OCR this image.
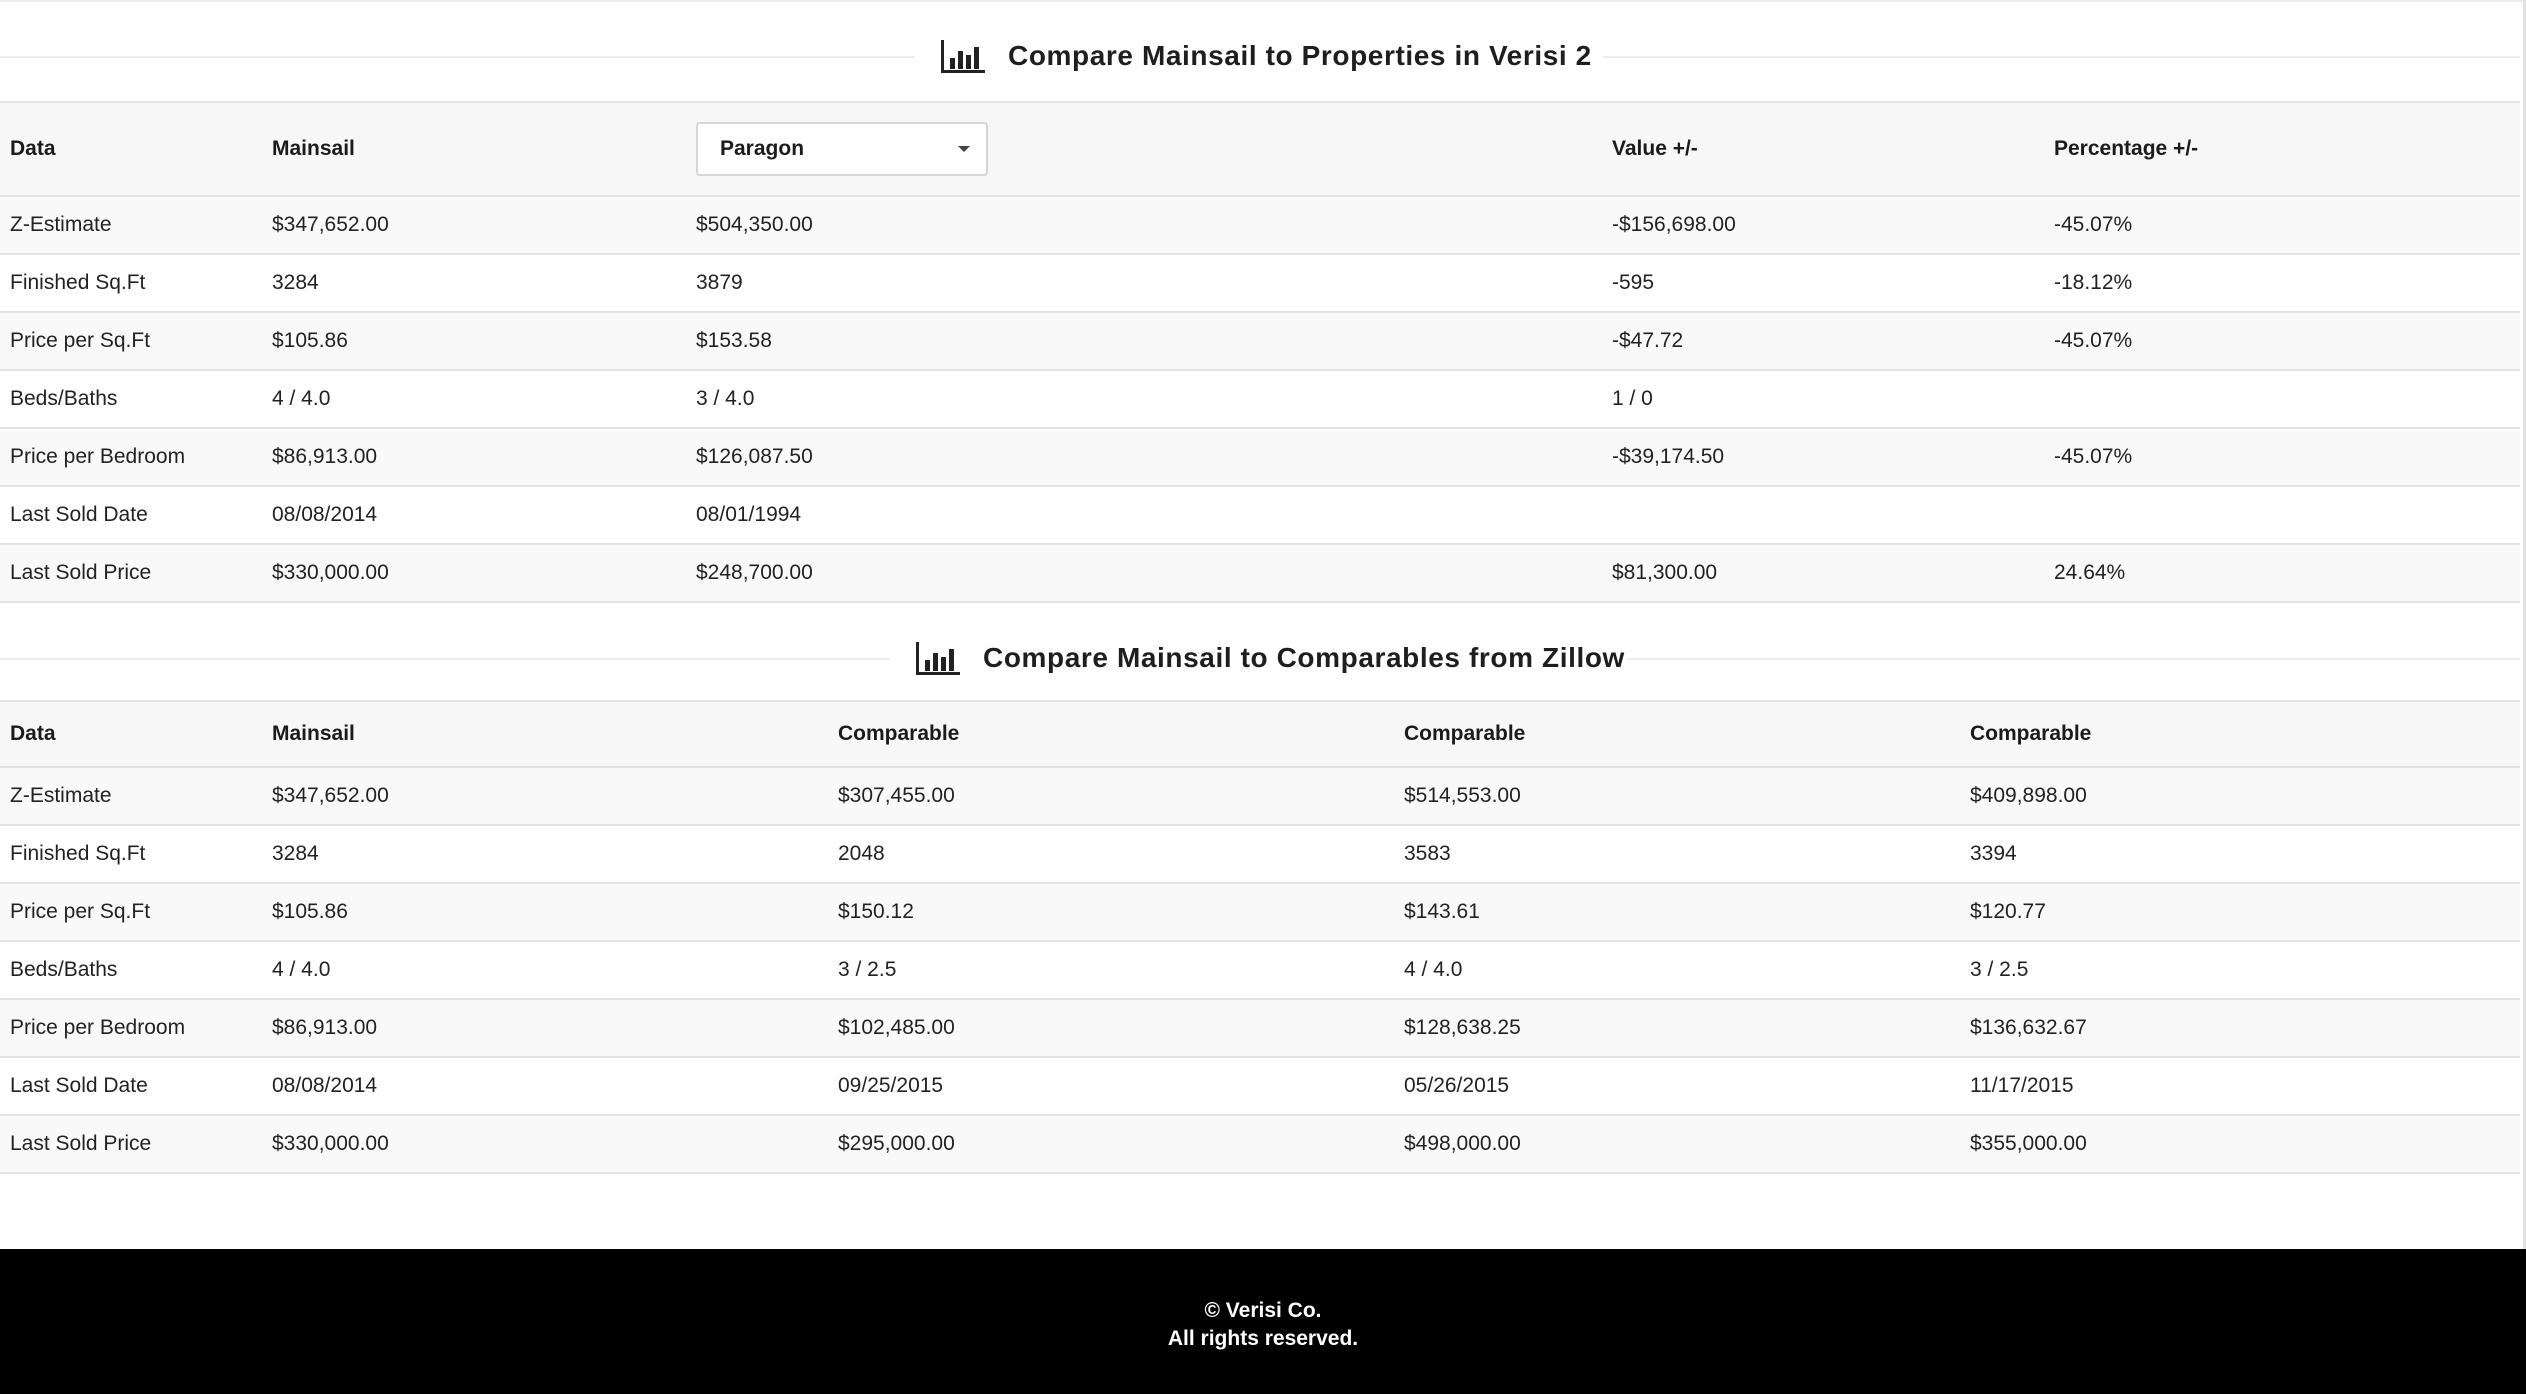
Compare Mainsail to Properties in Verisi 2
Data	Mainsail	Paragon	Value +/-	Percentage +/-
Z-Estimate	$347,652.00	$504,350.00	-$156,698.00	-45.07%
Finished Sq.Ft	3284	3879	-595	-18.12%
Price per Sq.Ft	$105.86	$153.58	-$47.72	-45.07%
Beds/Baths	4 / 4.0	3 / 4.0	1 / 0	
Price per Bedroom	$86,913.00	$126,087.50	-$39,174.50	-45.07%
Last Sold Date	08/08/2014	08/01/1994		
Last Sold Price	$330,000.00	$248,700.00	$81,300.00	24.64%
Compare Mainsail to Comparables from Zillow
Data	Mainsail	Comparable	Comparable	Comparable
Z-Estimate	$347,652.00	$307,455.00	$514,553.00	$409,898.00
Finished Sq.Ft	3284	2048	3583	3394
Price per Sq.Ft	$105.86	$150.12	$143.61	$120.77
Beds/Baths	4 / 4.0	3 / 2.5	4 / 4.0	3 / 2.5
Price per Bedroom	$86,913.00	$102,485.00	$128,638.25	$136,632.67
Last Sold Date	08/08/2014	09/25/2015	05/26/2015	11/17/2015
Last Sold Price	$330,000.00	$295,000.00	$498,000.00	$355,000.00
© Verisi Co.
All rights reserved.
